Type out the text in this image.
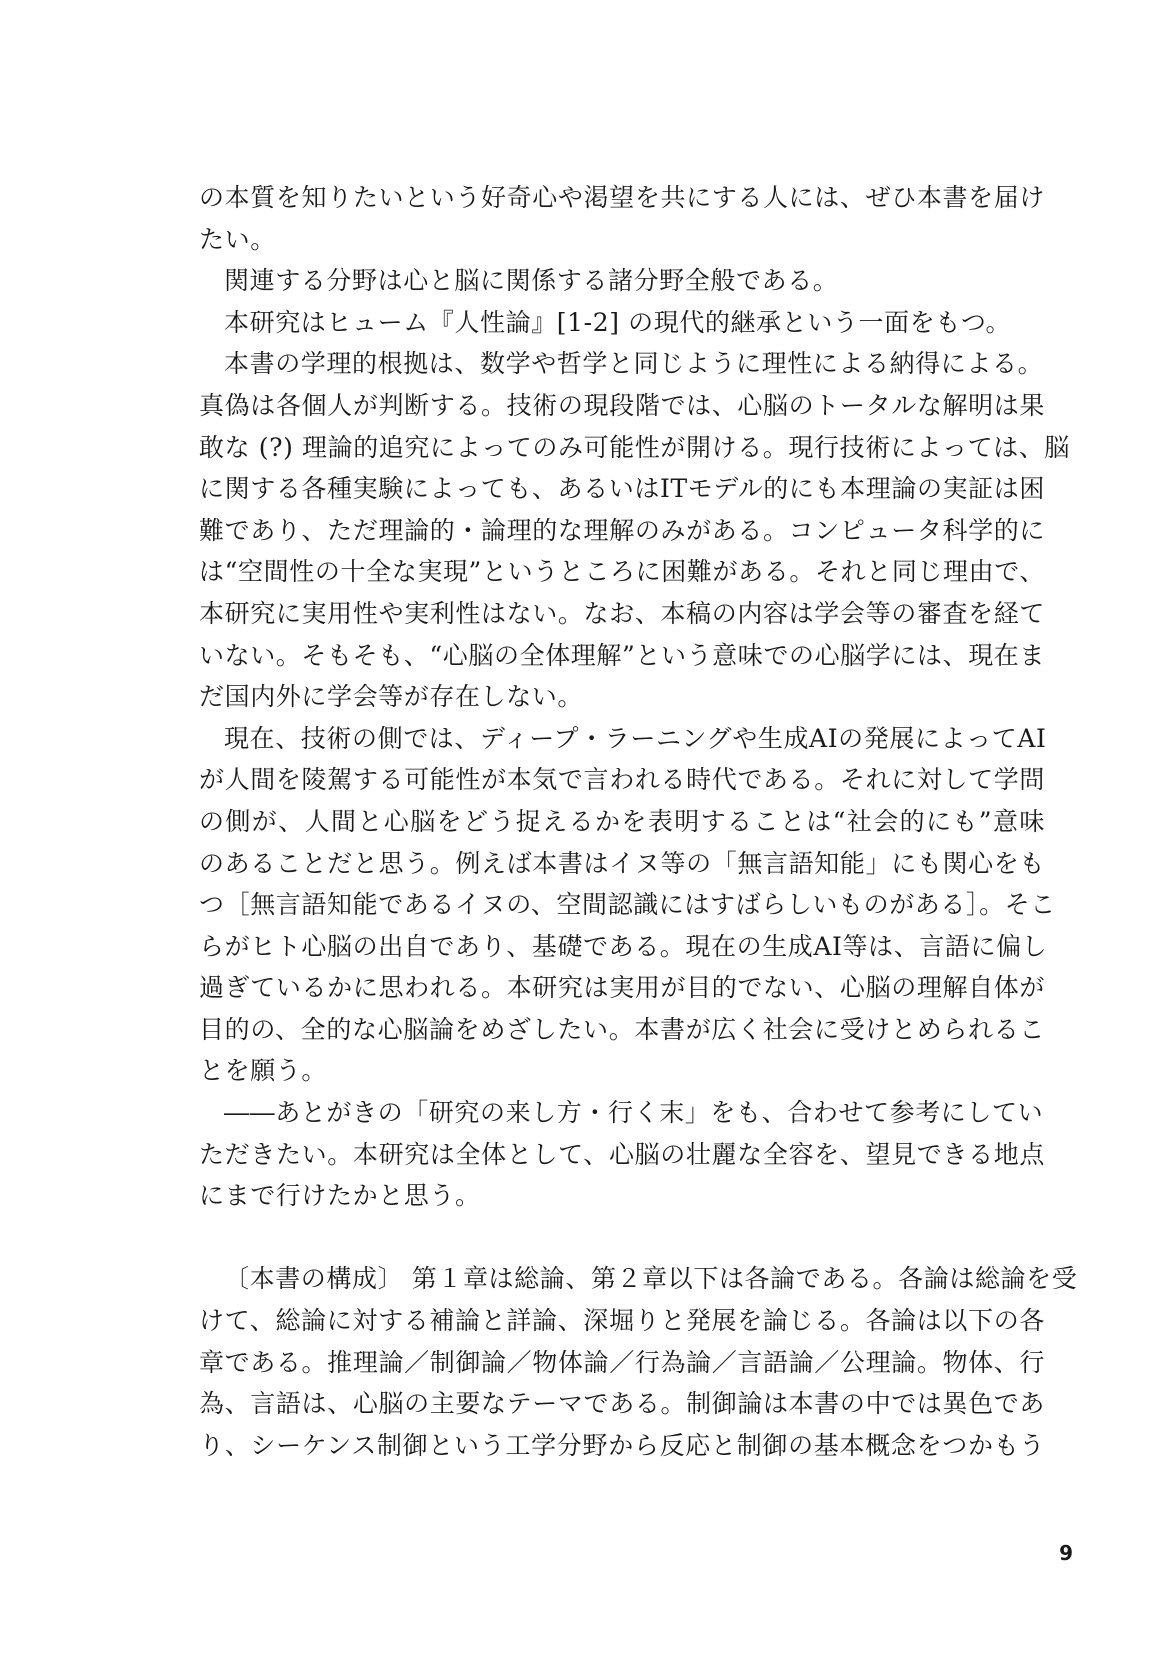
の本質を知りたいという好奇心や渇望を共にする人には、ぜひ本書を届け
たい。
関連する分野は心と脳に関係する諸分野全般である。
本研究はヒューム『人性論』[1-2] の現代的継承という一面をもつ。
本書の学理的根拠は、数学や哲学と同じように理性による納得による。
真偽は各個人が判断する。技術の現段階では、心脳のトータルな解明は果
敢な (?) 理論的追究によってのみ可能性が開ける。現行技術によっては、脳
に関する各種実験によっても、あるいはITモデル的にも本理論の実証は困
難であり、ただ理論的・論理的な理解のみがある。コンピュータ科学的に
は“空間性の十全な実現”というところに困難がある。それと同じ理由で、
本研究に実用性や実利性はない。なお、本稿の内容は学会等の審査を経て
いない。そもそも、“心脳の全体理解”という意味での心脳学には、現在ま
だ国内外に学会等が存在しない。
現在、技術の側では、ディープ・ラーニングや生成AIの発展によってAI
が人間を陵駕する可能性が本気で言われる時代である。それに対して学問
の側が、人間と心脳をどう捉えるかを表明することは“社会的にも”意味
のあることだと思う。例えば本書はイヌ等の「無言語知能」にも関心をも
つ［無言語知能であるイヌの、空間認識にはすばらしいものがある］。そこ
らがヒト心脳の出自であり、基礎である。現在の生成AI等は、言語に偏し
過ぎているかに思われる。本研究は実用が目的でない、心脳の理解自体が
目的の、全的な心脳論をめざしたい。本書が広く社会に受けとめられるこ
とを願う。
――あとがきの「研究の来し方・行く末」をも、合わせて参考にしてい
ただきたい。本研究は全体として、心脳の壮麗な全容を、望見できる地点
にまで行けたかと思う。
〔本書の構成〕 第１章は総論、第２章以下は各論である。各論は総論を受
けて、総論に対する補論と詳論、深堀りと発展を論じる。各論は以下の各
章である。推理論／制御論／物体論／行為論／言語論／公理論。物体、行
為、言語は、心脳の主要なテーマである。制御論は本書の中では異色であ
り、シーケンス制御という工学分野から反応と制御の基本概念をつかもう
9
